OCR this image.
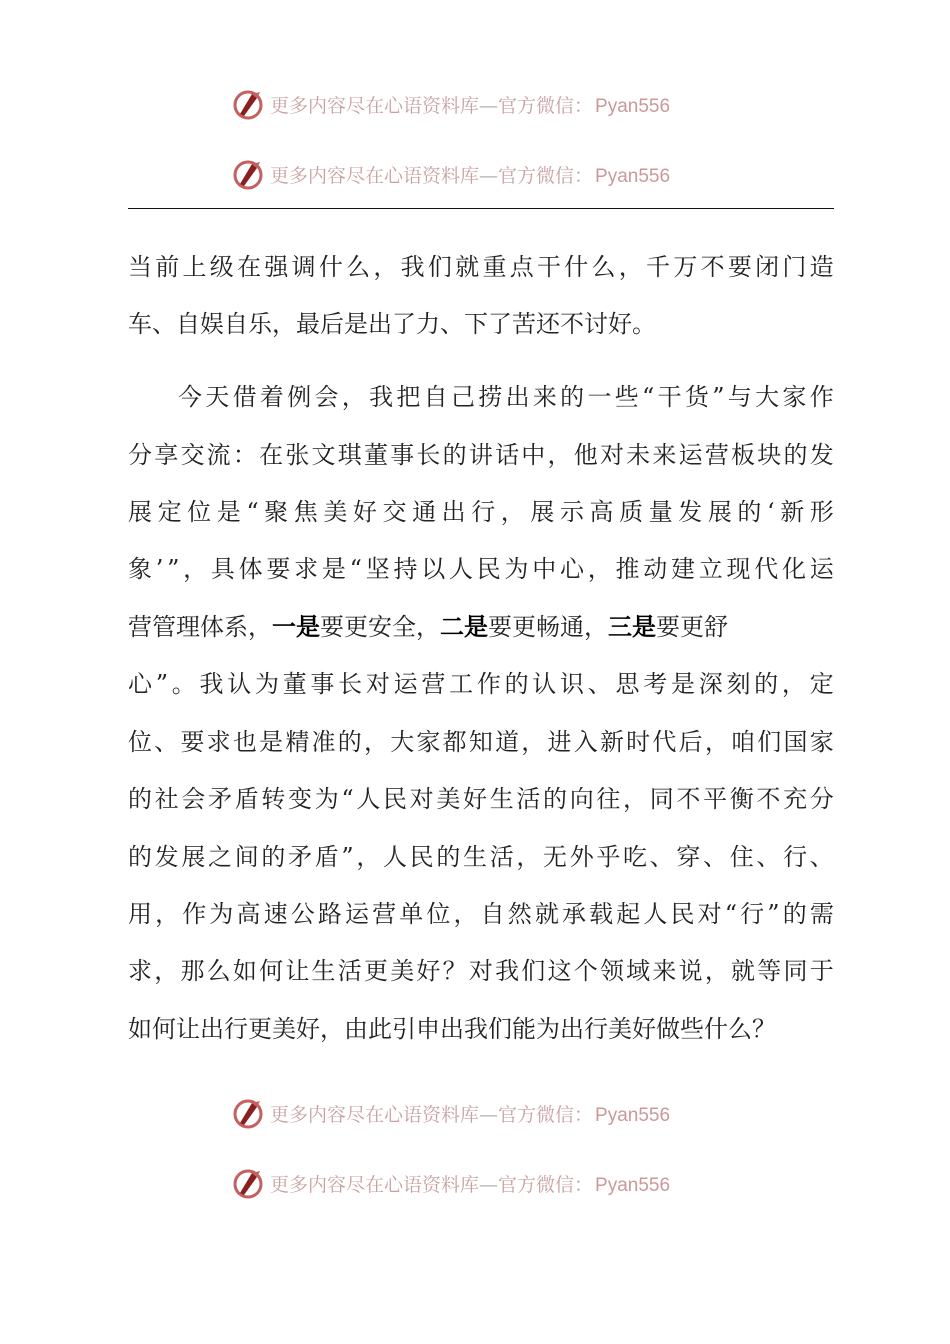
更多内容尽在心语资料库—官方微信： Pyan556
更多内容尽在心语资料库—官方微信： Pyan556
当 前 上 级 在 强 调 什 么 ， 我 们 就 重 点 干 什 么 ， 千 万 不 要 闭 门 造
车、自娱自乐，最后是出了力、下了苦还不讨好。
今 天 借 着 例 会 ， 我 把 自 己 捞 出 来 的 一 些 “ 干 货 ” 与 大 家 作
分 享 交 流 ： 在 张 文 琪 董 事 长 的 讲 话 中 ， 他 对 未 来 运 营 板 块 的 发
展 定 位 是 “ 聚 焦 美 好 交 通 出 行 ， 展 示 高 质 量 发 展 的 ‘ 新 形
象 ’ ” ， 具 体 要 求 是 “ 坚 持 以 人 民 为 中 心 ， 推 动 建 立 现 代 化 运
营管理体系，一是要更安全，二是要更畅通，三是要更舒
心 ” 。 我 认 为 董 事 长 对 运 营 工 作 的 认 识 、 思 考 是 深 刻 的 ， 定
位 、 要 求 也 是 精 准 的 ， 大 家 都 知 道 ， 进 入 新 时 代 后 ， 咱 们 国 家
的 社 会 矛 盾 转 变 为 “ 人 民 对 美 好 生 活 的 向 往 ， 同 不 平 衡 不 充 分
的 发 展 之 间 的 矛 盾 ” ， 人 民 的 生 活 ， 无 外 乎 吃 、 穿 、 住 、 行 、
用 ， 作 为 高 速 公 路 运 营 单 位 ， 自 然 就 承 载 起 人 民 对 “ 行 ” 的 需
求 ， 那 么 如 何 让 生 活 更 美 好 ？ 对 我 们 这 个 领 域 来 说 ， 就 等 同 于
如何让出行更美好，由此引申出我们能为出行美好做些什么？
更多内容尽在心语资料库—官方微信： Pyan556
更多内容尽在心语资料库—官方微信： Pyan556
